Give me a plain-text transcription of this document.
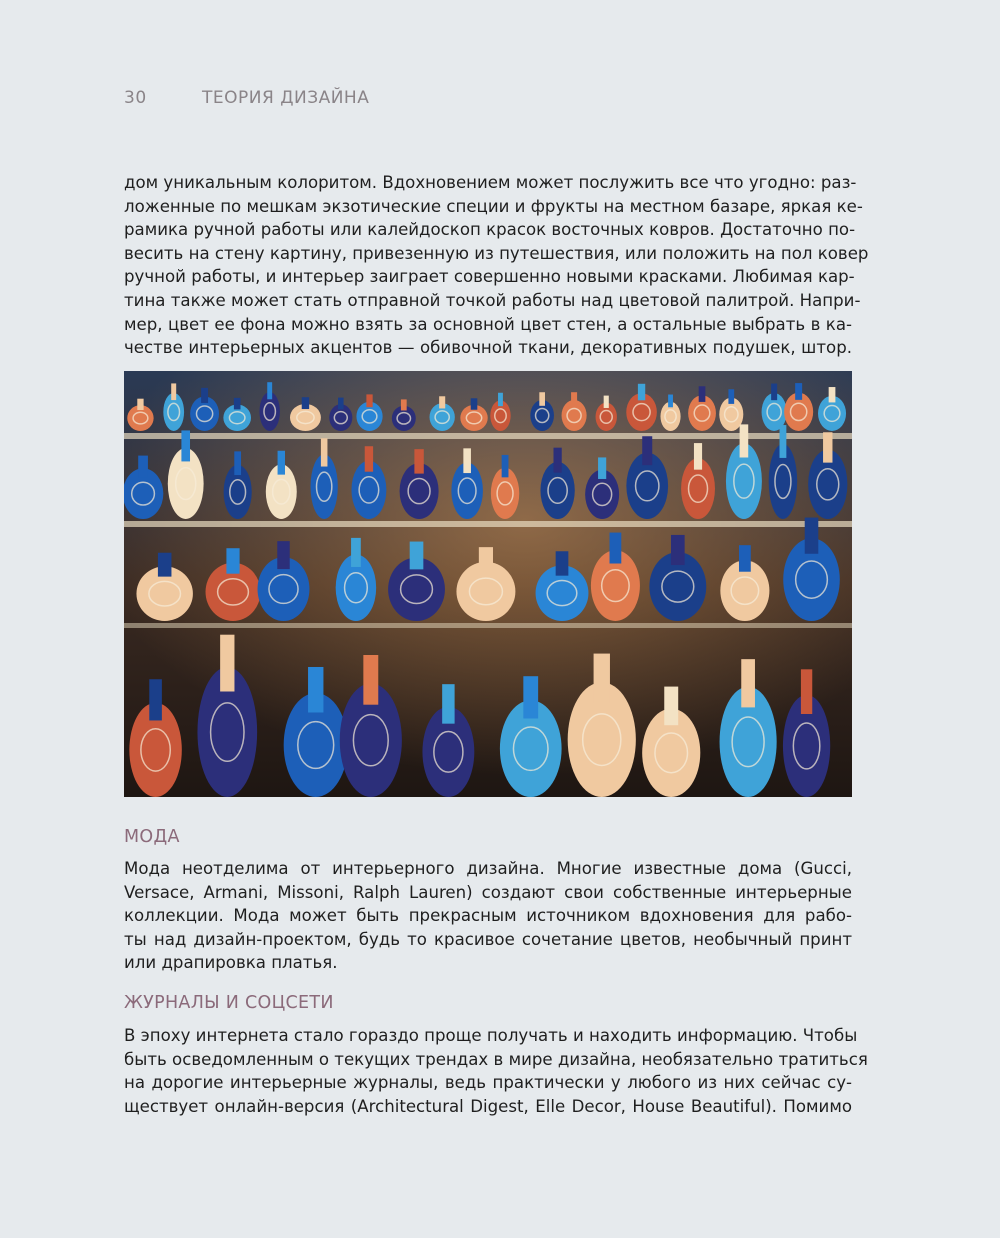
30	ТЕОРИЯ ДИЗАЙНА
дом уникальным колоритом. Вдохновением может послужить все что угодно: раз-
ложенные по мешкам экзотические специи и фрукты на местном базаре, яркая ке-
рамика ручной работы или калейдоскоп красок восточных ковров. Достаточно по-
весить на стену картину, привезенную из путешествия, или положить на пол ковер
ручной работы, и интерьер заиграет совершенно новыми красками. Любимая кар-
тина также может стать отправной точкой работы над цветовой палитрой. Напри-
мер, цвет ее фона можно взять за основной цвет стен, а остальные выбрать в ка-
честве интерьерных акцентов — обивочной ткани, декоративных подушек, штор.
МОДА
Мода неотделима от интерьерного дизайна. Многие известные дома (Gucci,
Versace, Armani, Missoni, Ralph Lauren) создают свои собственные интерьерные
коллекции. Мода может быть прекрасным источником вдохновения для рабо-
ты над дизайн-проектом, будь то красивое сочетание цветов, необычный принт
или драпировка платья.
ЖУРНАЛЫ И СОЦСЕТИ
В эпоху интернета стало гораздо проще получать и находить информацию. Чтобы
быть осведомленным о текущих трендах в мире дизайна, необязательно тратиться
на дорогие интерьерные журналы, ведь практически у любого из них сейчас су-
ществует онлайн-версия (Architectural Digest, Elle Decor, House Beautiful). Помимо
